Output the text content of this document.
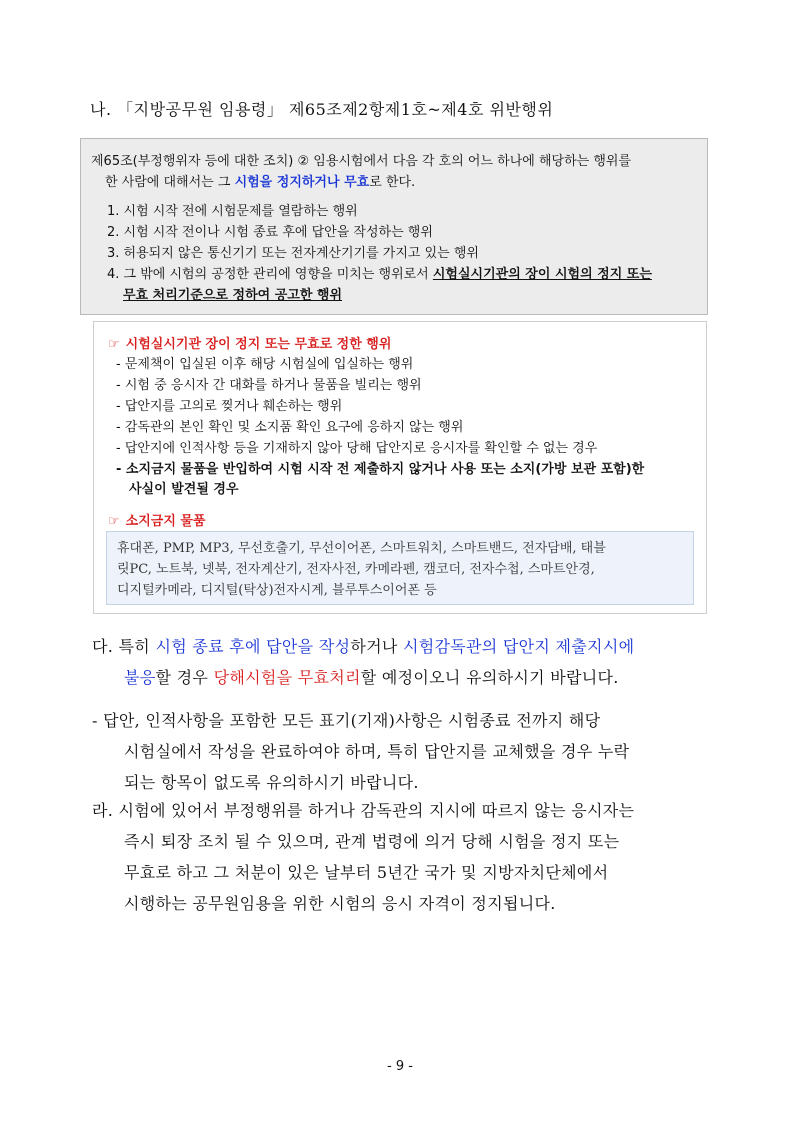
나. 「지방공무원 임용령」 제65조제2항제1호~제4호 위반행위
제65조(부정행위자 등에 대한 조치) ② 임용시험에서 다음 각 호의 어느 하나에 해당하는 행위를
한 사람에 대해서는 그 시험을 정지하거나 무효로 한다.
1. 시험 시작 전에 시험문제를 열람하는 행위
2. 시험 시작 전이나 시험 종료 후에 답안을 작성하는 행위
3. 허용되지 않은 통신기기 또는 전자계산기기를 가지고 있는 행위
4. 그 밖에 시험의 공정한 관리에 영향을 미치는 행위로서 시험실시기관의 장이 시험의 정지 또는
무효 처리기준으로 정하여 공고한 행위
☞ 시험실시기관 장이 정지 또는 무효로 정한 행위
- 문제책이 입실된 이후 해당 시험실에 입실하는 행위
- 시험 중 응시자 간 대화를 하거나 물품을 빌리는 행위
- 답안지를 고의로 찢거나 훼손하는 행위
- 감독관의 본인 확인 및 소지품 확인 요구에 응하지 않는 행위
- 답안지에 인적사항 등을 기재하지 않아 당해 답안지로 응시자를 확인할 수 없는 경우
- 소지금지 물품을 반입하여 시험 시작 전 제출하지 않거나 사용 또는 소지(가방 보관 포함)한
사실이 발견될 경우
☞ 소지금지 물품
휴대폰, PMP, MP3, 무선호출기, 무선이어폰, 스마트워치, 스마트밴드, 전자담배, 태블
릿PC, 노트북, 넷북, 전자계산기, 전자사전, 카메라펜, 캠코더, 전자수첩, 스마트안경,
디지털카메라, 디지털(탁상)전자시계, 블루투스이어폰 등
다. 특히 시험 종료 후에 답안을 작성하거나 시험감독관의 답안지 제출지시에
불응할 경우 당해시험을 무효처리할 예정이오니 유의하시기 바랍니다.
- 답안, 인적사항을 포함한 모든 표기(기재)사항은 시험종료 전까지 해당
시험실에서 작성을 완료하여야 하며, 특히 답안지를 교체했을 경우 누락
되는 항목이 없도록 유의하시기 바랍니다.
라. 시험에 있어서 부정행위를 하거나 감독관의 지시에 따르지 않는 응시자는
즉시 퇴장 조치 될 수 있으며, 관계 법령에 의거 당해 시험을 정지 또는
무효로 하고 그 처분이 있은 날부터 5년간 국가 및 지방자치단체에서
시행하는 공무원임용을 위한 시험의 응시 자격이 정지됩니다.
- 9 -
